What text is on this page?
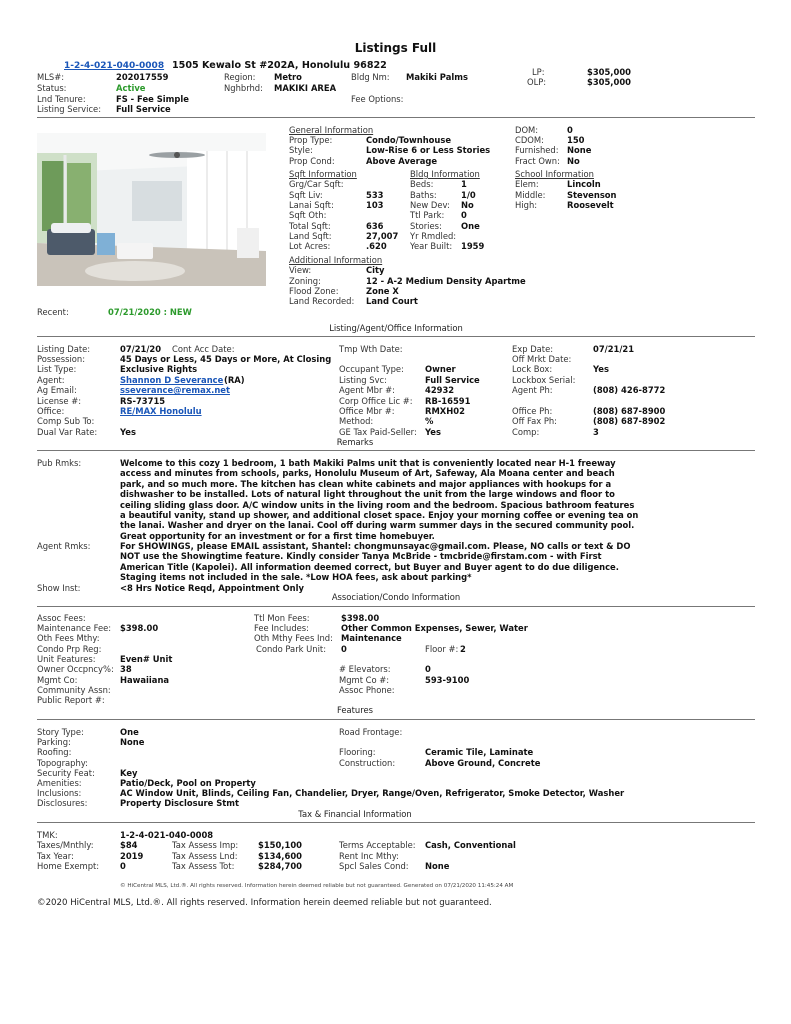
Listings Full
1-2-4-021-040-0008 1505 Kewalo St #202A, Honolulu 96822
LP:	$305,000
OLP:	$305,000
MLS#:	202017559	Region: Metro	Bldg Nm: Makiki Palms
Status:	Active	Nghbrhd: MAKIKI AREA
Lnd Tenure:	FS - Fee Simple	Fee Options:
Listing Service: Full Service
General Information
Prop Type:	Condo/Townhouse
Style:	Low-Rise 6 or Less Stories
Prop Cond:	Above Average
DOM:	0
CDOM:	150
Furnished: None
Fract Own: No
Sqft Information
Grg/Car Sqft:
Sqft Liv:	533
Lanai Sqft:	103
Sqft Oth:
Total Sqft:	636
Land Sqft:	27,007
Lot Acres:	.620
Bldg Information
Beds:	1
Baths:	1/0
New Dev: No
Ttl Park: 0
Stories: One
Yr Rmdled:
Year Built: 1959
School Information
Elem:	Lincoln
Middle:	Stevenson
High:	Roosevelt
Additional Information
View:	City
Zoning:	12 - A-2 Medium Density Apartme
Flood Zone:	Zone X
Land Recorded: Land Court
Recent:	07/21/2020 : NEW
Listing/Agent/Office Information
Listing Date:	07/21/20 Cont Acc Date:	Tmp Wth Date:	Exp Date:	07/21/21
Possession:	45 Days or Less, 45 Days or More, At Closing	Off Mrkt Date:
List Type:	Exclusive Rights	Occupant Type:	Owner	Lock Box:	Yes
Agent:	Shannon D Severance (RA)	Listing Svc:	Full Service	Lockbox Serial:
Ag Email:	sseverance@remax.net	Agent Mbr #:	42932	Agent Ph:	(808) 426-8772
License #:	RS-73715	Corp Office Lic #: RB-16591
Office:	RE/MAX Honolulu	Office Mbr #:	RMXH02	Office Ph:	(808) 687-8900
Comp Sub To:	Method:	%	Off Fax Ph:	(808) 687-8902
Dual Var Rate:	Yes	GE Tax Paid-Seller: Yes	Comp:	3
Remarks
Pub Rmks:	Welcome to this cozy 1 bedroom, 1 bath Makiki Palms unit that is conveniently located near H-1 freeway access and minutes from schools, parks, Honolulu Museum of Art, Safeway, Ala Moana center and beach park, and so much more. The kitchen has clean white cabinets and major appliances with hookups for a dishwasher to be installed. Lots of natural light throughout the unit from the large windows and floor to ceiling sliding glass door. A/C window units in the living room and the bedroom. Spacious bathroom features a beautiful vanity, stand up shower, and additional closet space. Enjoy your morning coffee or evening tea on the lanai. Washer and dryer on the lanai. Cool off during warm summer days in the secured community pool. Great opportunity for an investment or for a first time homebuyer.
Agent Rmks:	For SHOWINGS, please EMAIL assistant, Shantel: chongmunsayac@gmail.com. Please, NO calls or text & DO NOT use the Showingtime feature. Kindly consider Tanya McBride - tmcbride@firstam.com - with First American Title (Kapolei). All information deemed correct, but Buyer and Buyer agent to do due diligence. Staging items not included in the sale. *Low HOA fees, ask about parking*
Show Inst:	<8 Hrs Notice Reqd, Appointment Only
Association/Condo Information
Assoc Fees:	Ttl Mon Fees:	$398.00
Maintenance Fee: $398.00	Fee Includes:	Other Common Expenses, Sewer, Water
Oth Fees Mthy:	Oth Mthy Fees Ind: Maintenance
Condo Prp Reg:	Condo Park Unit: 0	Floor #: 2
Unit Features:	Even# Unit
Owner Occpncy%: 38	# Elevators:	0
Mgmt Co:	Hawaiiana	Mgmt Co #:	593-9100
Community Assn:	Assoc Phone:
Public Report #:
Features
Story Type:	One	Road Frontage:
Parking:	None
Roofing:	Flooring:	Ceramic Tile, Laminate
Topography:	Construction:	Above Ground, Concrete
Security Feat:	Key
Amenities:	Patio/Deck, Pool on Property
Inclusions:	AC Window Unit, Blinds, Ceiling Fan, Chandelier, Dryer, Range/Oven, Refrigerator, Smoke Detector, Washer
Disclosures:	Property Disclosure Stmt
Tax & Financial Information
TMK:	1-2-4-021-040-0008
Taxes/Mnthly:	$84	Tax Assess Imp: $150,100	Terms Acceptable: Cash, Conventional
Tax Year:	2019	Tax Assess Lnd: $134,600	Rent Inc Mthy:
Home Exempt: 0	Tax Assess Tot:	$284,700	Spcl Sales Cond: None
© HiCentral MLS, Ltd.®. All rights reserved. Information herein deemed reliable but not guaranteed. Generated on 07/21/2020 11:45:24 AM
©2020 HiCentral MLS, Ltd.®. All rights reserved. Information herein deemed reliable but not guaranteed.
